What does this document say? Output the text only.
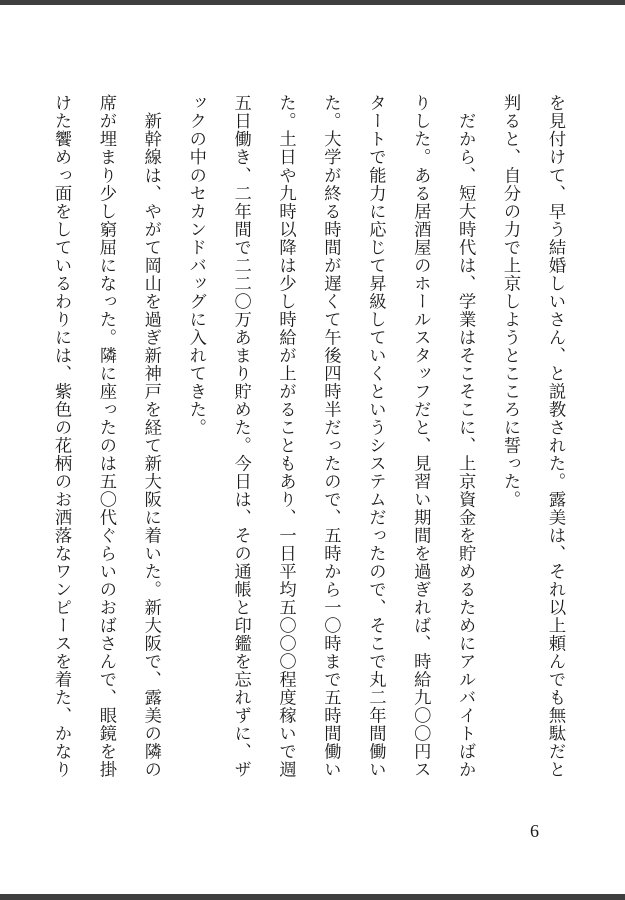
を見付けて、早う結婚しいさん、と説教された。露美は、それ以上頼んでも無駄だと
判ると、自分の力で上京しようとこころに誓った。
　だから、短大時代は、学業はそこそこに、上京資金を貯めるためにアルバイトばか
りした。ある居酒屋のホールスタッフだと、見習い期間を過ぎれば、時給九〇〇円ス
タートで能力に応じて昇級していくというシステムだったので、そこで丸二年間働い
た。大学が終る時間が遅くて午後四時半だったので、五時から一〇時まで五時間働い
た。土日や九時以降は少し時給が上がることもあり、一日平均五〇〇〇程度稼いで週
五日働き、二年間で二二〇万あまり貯めた。今日は、その通帳と印鑑を忘れずに、ザ
ックの中のセカンドバッグに入れてきた。
　新幹線は、やがて岡山を過ぎ新神戸を経て新大阪に着いた。新大阪で、露美の隣の
席が埋まり少し窮屈になった。隣に座ったのは五〇代ぐらいのおばさんで、眼鏡を掛
けた饗めっ面をしているわりには、紫色の花柄のお洒落なワンピースを着た、かなり
6
